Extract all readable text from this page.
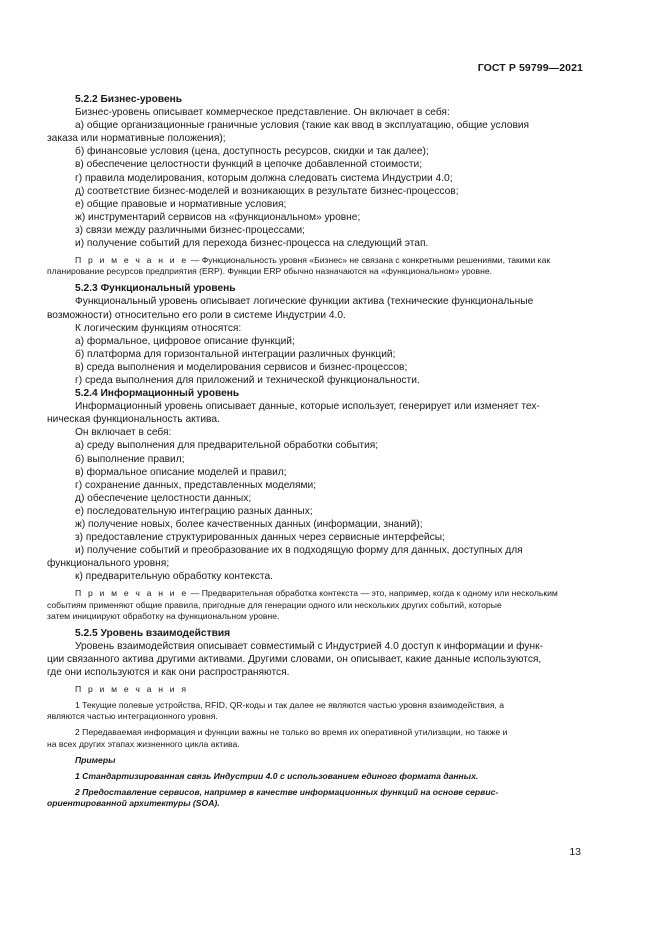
ГОСТ Р 59799—2021

5.2.2 Бизнес-уровень

Бизнес-уровень описывает коммерческое представление. Он включает в себя:

а) общие организационные граничные условия (такие как ввод в эксплуатацию, общие условия

заказа или нормативные положения);

б) финансовые условия (цена, доступность ресурсов, скидки и так далее);

в) обеспечение целостности функций в цепочке добавленной стоимости;

г) правила моделирования, которым должна следовать система Индустрии 4.0;

д) соответствие бизнес-моделей и возникающих в результате бизнес-процессов;

е) общие правовые и нормативные условия;

ж) инструментарий сервисов на «функциональном» уровне;

з) связи между различными бизнес-процессами;

и) получение событий для перехода бизнес-процесса на следующий этап.

П р и м е ч а н и е — Функциональность уровня «Бизнес» не связана с конкретными решениями, такими как
планирование ресурсов предприятия (ERP). Функции ERP обычно назначаются на «функциональном» уровне.

5.2.3 Функциональный уровень

Функциональный уровень описывает логические функции актива (технические функциональные

возможности) относительно его роли в системе Индустрии 4.0.

К логическим функциям относятся:

а) формальное, цифровое описание функций;

б) платформа для горизонтальной интеграции различных функций;

в) среда выполнения и моделирования сервисов и бизнес-процессов;

г) среда выполнения для приложений и технической функциональности.

5.2.4 Информационный уровень

Информационный уровень описывает данные, которые использует, генерирует или изменяет тех-

ническая функциональность актива.

Он включает в себя:

а) среду выполнения для предварительной обработки события;

б) выполнение правил;

в) формальное описание моделей и правил;

г) сохранение данных, представленных моделями;

д) обеспечение целостности данных;

е) последовательную интеграцию разных данных;

ж) получение новых, более качественных данных (информации, знаний);

з) предоставление структурированных данных через сервисные интерфейсы;

и) получение событий и преобразование их в подходящую форму для данных, доступных для

функционального уровня;

к) предварительную обработку контекста.

П р и м е ч а н и е — Предварительная обработка контекста — это, например, когда к одному или нескольким
событиям применяют общие правила, пригодные для генерации одного или нескольких других событий, которые
затем инициируют обработку на функциональном уровне.

5.2.5 Уровень взаимодействия

Уровень взаимодействия описывает совместимый с Индустрией 4.0 доступ к информации и функ-

ции связанного актива другими активами. Другими словами, он описывает, какие данные используются,

где они используются и как они распространяются.

П р и м е ч а н и я

1 Текущие полевые устройства, RFID, QR-коды и так далее не являются частью уровня взаимодействия, а
являются частью интеграционного уровня.

2 Передаваемая информация и функции важны не только во время их оперативной утилизации, но также и
на всех других этапах жизненного цикла актива.

Примеры

1 Стандартизированная связь Индустрии 4.0 с использованием единого формата данных.

2 Предоставление сервисов, например в качестве информационных функций на основе сервис-
ориентированной архитектуры (SOA).

13
